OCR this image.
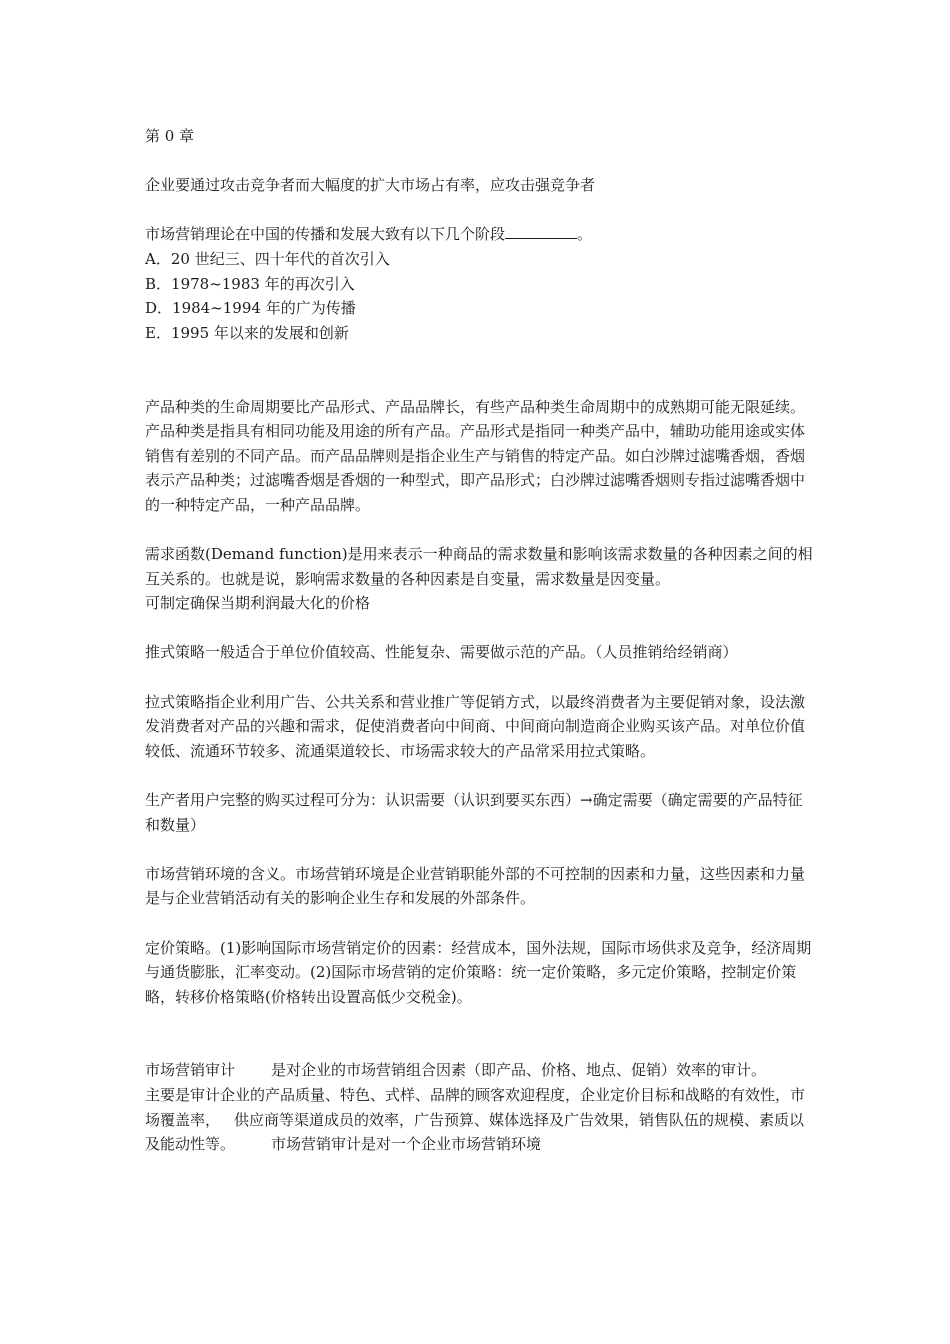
第 0 章

企业要通过攻击竞争者而大幅度的扩大市场占有率，应攻击强竞争者

市场营销理论在中国的传播和发展大致有以下几个阶段	。

A．20 世纪三、四十年代的首次引入

B．1978~1983 年的再次引入

D．1984~1994 年的广为传播

E．1995 年以来的发展和创新

产品种类的生命周期要比产品形式、产品品牌长，有些产品种类生命周期中的成熟期可能无限延续。

产品种类是指具有相同功能及用途的所有产品。产品形式是指同一种类产品中，辅助功能用途或实体销售有差别的不同产品。而产品品牌则是指企业生产与销售的特定产品。如白沙牌过滤嘴香烟，香烟表示产品种类；过滤嘴香烟是香烟的一种型式，即产品形式；白沙牌过滤嘴香烟则专指过滤嘴香烟中的一种特定产品，一种产品品牌。

需求函数(Demand function)是用来表示一种商品的需求数量和影响该需求数量的各种因素之间的相互关系的。也就是说，影响需求数量的各种因素是自变量，需求数量是因变量。

可制定确保当期利润最大化的价格

推式策略一般适合于单位价值较高、性能复杂、需要做示范的产品。（人员推销给经销商）

拉式策略指企业利用广告、公共关系和营业推广等促销方式，以最终消费者为主要促销对象，设法激发消费者对产品的兴趣和需求，促使消费者向中间商、中间商向制造商企业购买该产品。对单位价值较低、流通环节较多、流通渠道较长、市场需求较大的产品常采用拉式策略。

生产者用户完整的购买过程可分为：认识需要（认识到要买东西）→确定需要（确定需要的产品特征和数量）

市场营销环境的含义。市场营销环境是企业营销职能外部的不可控制的因素和力量，这些因素和力量是与企业营销活动有关的影响企业生存和发展的外部条件。

定价策略。(1)影响国际市场营销定价的因素：经营成本，国外法规，国际市场供求及竞争，经济周期与通货膨胀，汇率变动。(2)国际市场营销的定价策略：统一定价策略，多元定价策略，控制定价策略，转移价格策略(价格转出设置高低少交税金)。

市场营销审计 是对企业的市场营销组合因素（即产品、价格、地点、促销）效率的审计。主要是审计企业的产品质量、特色、式样、品牌的顾客欢迎程度，企业定价目标和战略的有效性，市场覆盖率， 供应商等渠道成员的效率，广告预算、媒体选择及广告效果，销售队伍的规模、素质以及能动性等。 市场营销审计是对一个企业市场营销环境
